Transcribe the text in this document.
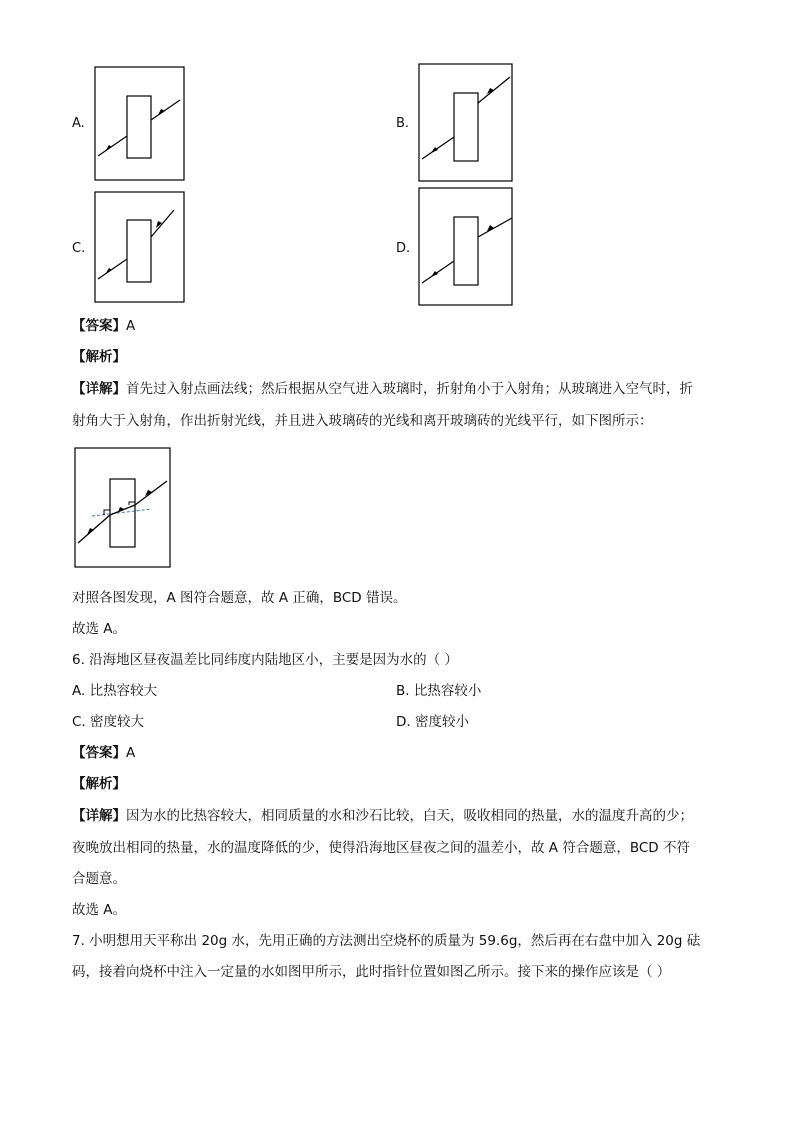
A.	B.
C.	D.
【答案】A
【解析】
【详解】首先过入射点画法线；然后根据从空气进入玻璃时，折射角小于入射角；从玻璃进入空气时，折
射角大于入射角，作出折射光线，并且进入玻璃砖的光线和离开玻璃砖的光线平行，如下图所示：
对照各图发现，A 图符合题意，故 A 正确，BCD 错误。
故选 A。
6. 沿海地区昼夜温差比同纬度内陆地区小，主要是因为水的（ ）
A. 比热容较大	B. 比热容较小
C. 密度较大	D. 密度较小
【答案】A
【解析】
【详解】因为水的比热容较大，相同质量的水和沙石比较，白天，吸收相同的热量，水的温度升高的少；
夜晚放出相同的热量，水的温度降低的少，使得沿海地区昼夜之间的温差小，故 A 符合题意，BCD 不符
合题意。
故选 A。
7. 小明想用天平称出 20g 水，先用正确的方法测出空烧杯的质量为 59.6g，然后再在右盘中加入 20g 砝
码，接着向烧杯中注入一定量的水如图甲所示，此时指针位置如图乙所示。接下来的操作应该是（ ）
